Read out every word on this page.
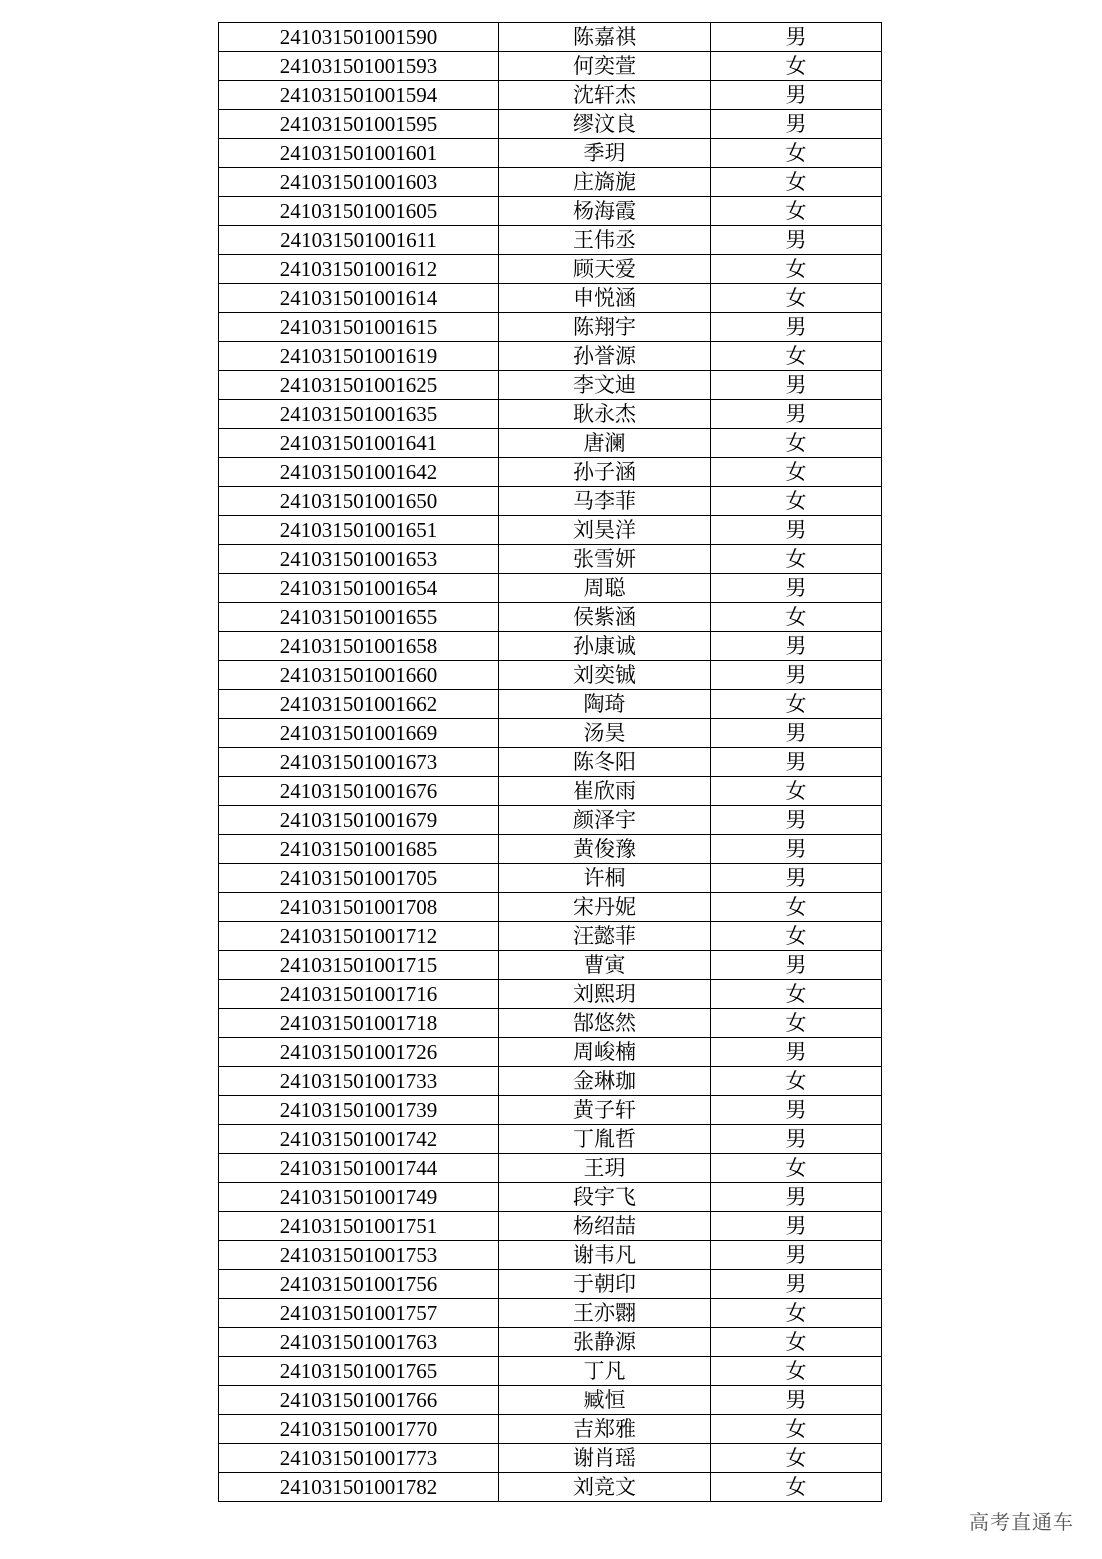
241031501001590	陈嘉祺	男
241031501001593	何奕萱	女
241031501001594	沈轩杰	男
241031501001595	缪汶良	男
241031501001601	季玥	女
241031501001603	庄旖旎	女
241031501001605	杨海霞	女
241031501001611	王伟丞	男
241031501001612	顾天爱	女
241031501001614	申悦涵	女
241031501001615	陈翔宇	男
241031501001619	孙誉源	女
241031501001625	李文迪	男
241031501001635	耿永杰	男
241031501001641	唐澜	女
241031501001642	孙子涵	女
241031501001650	马李菲	女
241031501001651	刘昊洋	男
241031501001653	张雪妍	女
241031501001654	周聪	男
241031501001655	侯紫涵	女
241031501001658	孙康诚	男
241031501001660	刘奕铖	男
241031501001662	陶琦	女
241031501001669	汤昊	男
241031501001673	陈冬阳	男
241031501001676	崔欣雨	女
241031501001679	颜泽宇	男
241031501001685	黄俊豫	男
241031501001705	许桐	男
241031501001708	宋丹妮	女
241031501001712	汪懿菲	女
241031501001715	曹寅	男
241031501001716	刘熙玥	女
241031501001718	郜悠然	女
241031501001726	周峻楠	男
241031501001733	金琳珈	女
241031501001739	黄子轩	男
241031501001742	丁胤哲	男
241031501001744	王玥	女
241031501001749	段宇飞	男
241031501001751	杨绍喆	男
241031501001753	谢韦凡	男
241031501001756	于朝印	男
241031501001757	王亦翾	女
241031501001763	张静源	女
241031501001765	丁凡	女
241031501001766	臧恒	男
241031501001770	吉郑雅	女
241031501001773	谢肖瑶	女
241031501001782	刘竞文	女
高考直通车
